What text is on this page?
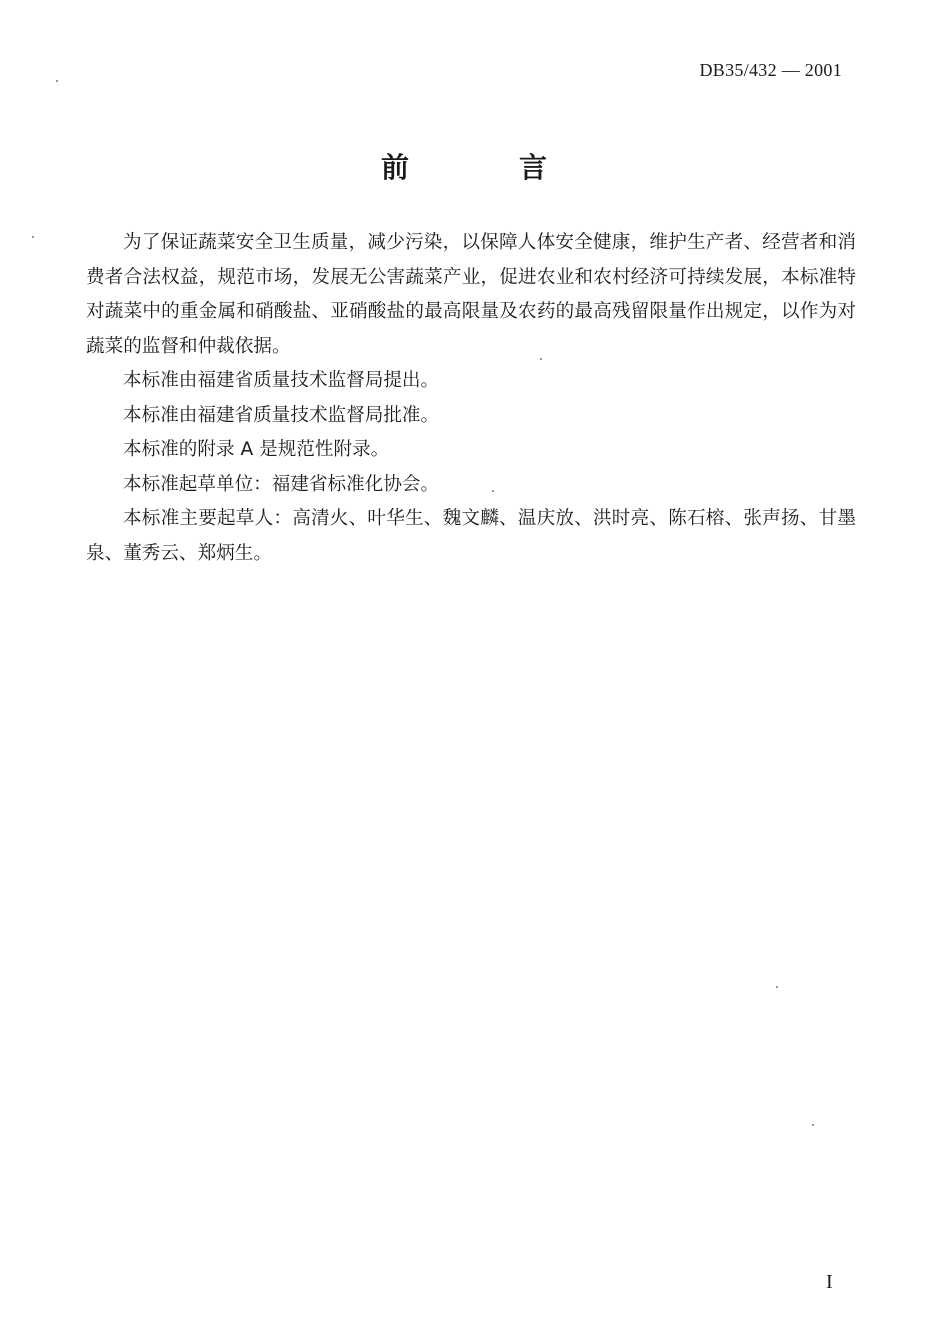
DB35/432 — 2001
前言

为了保证蔬菜安全卫生质量，减少污染，以保障人体安全健康，维护生产者、经营者和消费者合法权益，规范市场，发展无公害蔬菜产业，促进农业和农村经济可持续发展，本标准特对蔬菜中的重金属和硝酸盐、亚硝酸盐的最高限量及农药的最高残留限量作出规定，以作为对蔬菜的监督和仲裁依据。

本标准由福建省质量技术监督局提出。

本标准由福建省质量技术监督局批准。

本标准的附录 A 是规范性附录。

本标准起草单位：福建省标准化协会。

本标准主要起草人：高清火、叶华生、魏文麟、温庆放、洪时亮、陈石榕、张声扬、甘墨泉、董秀云、郑炳生。

I
